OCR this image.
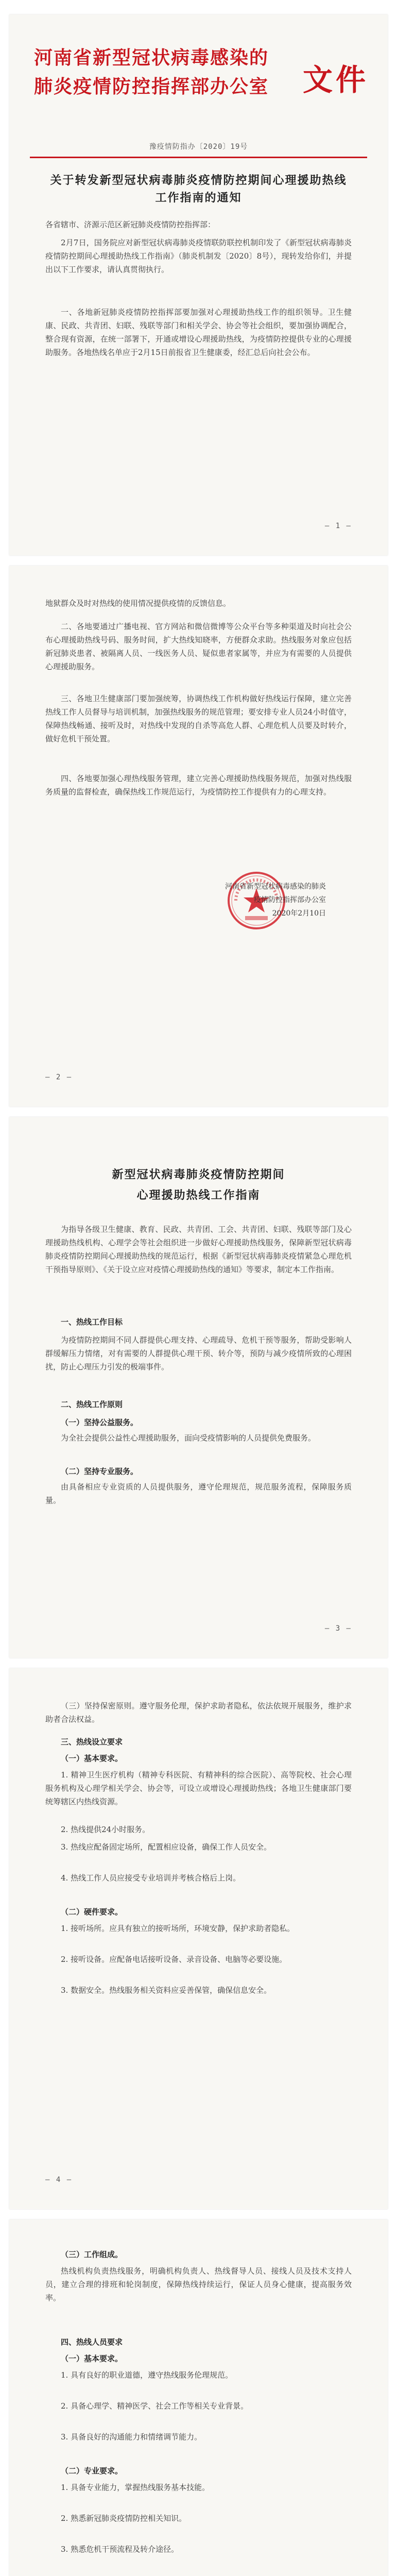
河南省新型冠状病毒感染的
肺炎疫情防控指挥部办公室 文件
豫疫情防指办〔2020〕19号
关于转发新型冠状病毒肺炎疫情防控期间心理援助热线工作指南的通知
各省辖市、济源示范区新冠肺炎疫情防控指挥部：
2月7日，国务院应对新型冠状病毒肺炎疫情联防联控机制印发了《新型冠状病毒肺炎疫情防控期间心理援助热线工作指南》（肺炎机制发〔2020〕8号），现转发给你们，并提出以下工作要求，请认真贯彻执行。
一、各地新冠肺炎疫情防控指挥部要加强对心理援助热线工作的组织领导。卫生健康、民政、共青团、妇联、残联等部门和相关学会、协会等社会组织，要加强协调配合，整合现有资源，在统一部署下，开通或增设心理援助热线，为疫情防控提供专业的心理援助服务。各地热线名单应于2月15日前报省卫生健康委，经汇总后向社会公布。
— 1 —
地狱群众及时对热线的使用情况提供疫情的反馈信息。
二、各地要通过广播电视、官方网站和微信微博等公众平台等多种渠道及时向社会公布心理援助热线号码、服务时间，扩大热线知晓率，方便群众求助。热线服务对象应包括新冠肺炎患者、被隔离人员、一线医务人员、疑似患者家属等，并应为有需要的人员提供心理援助服务。
三、各地卫生健康部门要加强统筹，协调热线工作机构做好热线运行保障，建立完善热线工作人员督导与培训机制，加强热线服务的规范管理；要安排专业人员24小时值守，保障热线畅通、接听及时，对热线中发现的自杀等高危人群、心理危机人员要及时转介，做好危机干预处置。
四、各地要加强心理热线服务管理，建立完善心理援助热线服务规范，加强对热线服务质量的监督检查，确保热线工作规范运行，为疫情防控工作提供有力的心理支持。
河南省新型冠状病毒感染的肺炎
疫情防控指挥部办公室
2020年2月10日
— 2 —
新型冠状病毒肺炎疫情防控期间
心理援助热线工作指南
为指导各级卫生健康、教育、民政、共青团、工会、共青团、妇联、残联等部门及心理援助热线机构、心理学会等社会组织进一步做好心理援助热线服务，保障新型冠状病毒肺炎疫情防控期间心理援助热线的规范运行，根据《新型冠状病毒肺炎疫情紧急心理危机干预指导原则》、《关于设立应对疫情心理援助热线的通知》等要求，制定本工作指南。
一、热线工作目标
为疫情防控期间不同人群提供心理支持、心理疏导、危机干预等服务，帮助受影响人群缓解压力情绪，对有需要的人群提供心理干预、转介等，预防与减少疫情所致的心理困扰，防止心理压力引发的极端事件。
二、热线工作原则
（一）坚持公益服务。
为全社会提供公益性心理援助服务，面向受疫情影响的人员提供免费服务。
（二）坚持专业服务。
由具备相应专业资质的人员提供服务，遵守伦理规范，规范服务流程，保障服务质量。
— 3 —
（三）坚持保密原则。遵守服务伦理，保护求助者隐私，依法依规开展服务，维护求助者合法权益。
三、热线设立要求
（一）基本要求。
1. 精神卫生医疗机构（精神专科医院、有精神科的综合医院）、高等院校、社会心理服务机构及心理学相关学会、协会等，可设立或增设心理援助热线；各地卫生健康部门要统筹辖区内热线资源。
2. 热线提供24小时服务。
3. 热线应配备固定场所，配置相应设备，确保工作人员安全。
4. 热线工作人员应接受专业培训并考核合格后上岗。
（二）硬件要求。
1. 接听场所。应具有独立的接听场所，环境安静，保护求助者隐私。
2. 接听设备。应配备电话接听设备、录音设备、电脑等必要设施。
3. 数据安全。热线服务相关资料应妥善保管，确保信息安全。
— 4 —
（三）工作组成。
热线机构负责热线服务，明确机构负责人、热线督导人员、接线人员及技术支持人员，建立合理的排班和轮岗制度，保障热线持续运行，保证人员身心健康，提高服务效率。
四、热线人员要求
（一）基本要求。
1. 具有良好的职业道德，遵守热线服务伦理规范。
2. 具备心理学、精神医学、社会工作等相关专业背景。
3. 具备良好的沟通能力和情绪调节能力。
（二）专业要求。
1. 具备专业能力，掌握热线服务基本技能。
2. 熟悉新冠肺炎疫情防控相关知识。
3. 熟悉危机干预流程及转介途径。
